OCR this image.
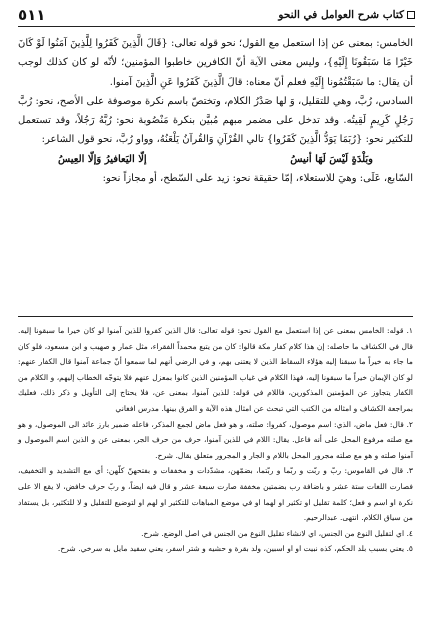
كتاب شرح العوامل في النحو
٥١١

الخامس: بمعنى عن إذا استعمل مع القول؛ نحو قوله تعالى: {قَالَ الَّذِينَ كَفَرُوا لِلَّذِينَ آمَنُوا لَوْ كَانَ خَيْرًا مَا سَبَقُونَا إِلَيْهِ}، وليس معنى الآية أنّ الكافرين خاطبوا المؤمنين؛ لأنّه لو كان كذلك لوجب أن يقال: ما سَبَقْتُمُونا إِلَيْهِ فعلم أنّ معناه: قالَ الَّذِينَ كَفَرُوا عَنِ الَّذِينَ آمنوا.

السادس، رُبَّ، وهي للتقليل، وَ لها صَدْرُ الكلام، وتختصّ باسم نكرة موصوفة على الأصح، نحو: رُبَّ رَجُلٍ كَرِيمٍ لَقِيتُه. وقد تدخل على مضمر مبهم مُبيَّن بنكرة مَنْصُوبة نحو: رُبَّهُ رَجُلاً، وقد تستعمل للتكثير نحو: {رُبَمَا يَوَدُّ الَّذِينَ كَفَرُوا} تالي القُرْآنِ وَالقُرآنُ يَلْعَنُهُ، وواو رُبَّ، نحو قول الشاعر:

وبَلْدَةٍ لَيْسَ لَهَا أنيسُ
إلّا اليَعافيرُ وَإلّا العِيسُ

السّابع، عَلَى: وهيَ للاستعلاء، إمّا حقيقة نحو: زيد على السّطح، أو مجازاً نحو:

١. قوله: الخامس بمعنى عن إذا استعمل مع القول نحو: قوله تعالى: قال الذين كفروا للذين آمنوا لو كان خيرا ما سبقونا إليه. قال في الكشاف ما حاصله: إن هذا كلام كفار مكة قالوا: كان من يتبع محمداً الفقراء، مثل عمار و صهيب و ابن مسعود، فلو كان ما جاء به خيراً ما سبقنا إليه هؤلاء السقاط الذين لا يعتنى بهم، و في الرضي أنهم لما سمعوا أنّ جماعة آمنوا قال الكفار عنهم: لو كان الإيمان خيراً ما سبقونا إليه، فهذا الكلام في غياب المؤمنين الذين كانوا بمعزل عنهم فلا يتوجّه الخطاب إليهم، و الكلام من الكفار يتجاوز عن المؤمنين المذكورين، فاللام في قوله: للذين آمنوا، بمعنى عن، فلا يحتاج إلى التأويل و ذكر ذلك، فعليك بمراجعة الكشاف و امثاله من الكتب التي تبحث عن امثال هذه الآية و الفرق بينها. مدرس افغاني

٢. قال: فعل ماض، الذي: اسم موصول، كفروا: صلته، و هو فعل ماض لجمع المذكر، فاعله ضمير بارز عائد الى الموصول، و هو مع صلته مرفوع المحل على أنه فاعل. يقال: اللام في للذين آمنوا، حرف من حرف الجر، بمعنى عن و الذين اسم الموصول و آمنوا صلته و هو مع صلته مجرور المحل باللام و الجار و المجرور متعلق بقال. شرح.

٣. قال في القاموس: ربّ و ربّت و ربّما و ربّتما، بضمّهن، مشدّدات و مخففات و بفتحهنّ كلّهن: أي مع التشديد و التخفيف، فصارت اللغات ستة عشر و باضافة رب بضمتين مخففة صارت سبعة عشر و قال فيه ايضاً، و ربّ حرف خافض، لا يقع الا على نكرة او اسم و فعل؛ كلمة تقليل او تكثير او لهما او في موضع المباهات للتكثير او لهم او لتوضيع للتقليل و لا للتكثير، بل يستفاد من سياق الكلام. انتهى. عبدالرحيم.

٤. اي لتقليل النوع من الجنس، اي لانشاء تقليل النوع من الجنس في اصل الوضع. شرح.

٥. يعني بسبب بلد الحكم، كذه نبيت او او اسبين، ولد بقرة و حشيه و شتر اسفر، يعني سفيد مايل به سرخي. شرح.
